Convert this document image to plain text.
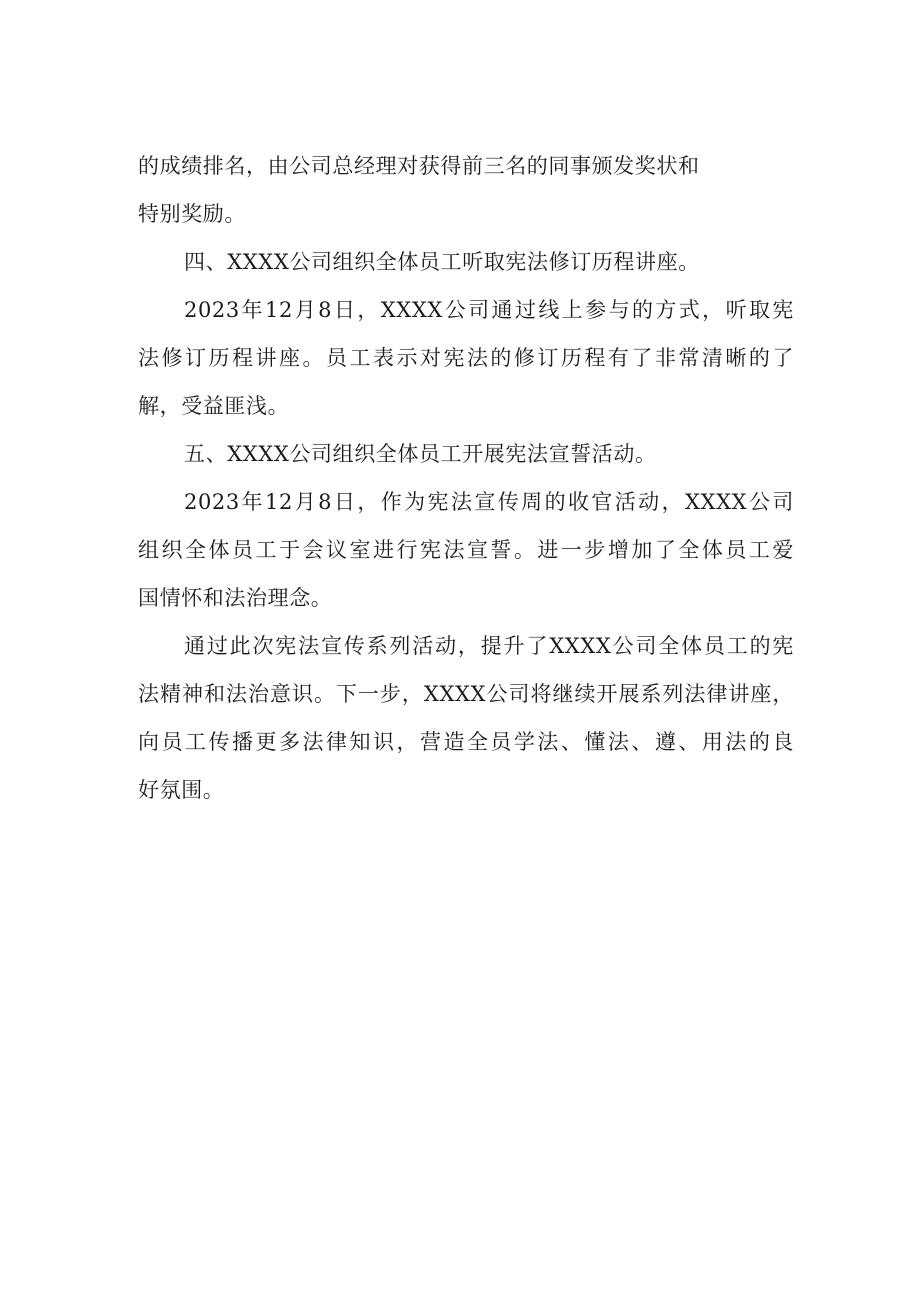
的成绩排名，由公司总经理对获得前三名的同事颁发奖状和
特别奖励。
四、XXXX公司组织全体员工听取宪法修订历程讲座。
2023年12月8日，XXXX公司通过线上参与的方式，听取宪
法修订历程讲座。员工表示对宪法的修订历程有了非常清晰的了
解，受益匪浅。
五、XXXX公司组织全体员工开展宪法宣誓活动。
2023年12月8日，作为宪法宣传周的收官活动，XXXX公司
组织全体员工于会议室进行宪法宣誓。进一步增加了全体员工爱
国情怀和法治理念。
通过此次宪法宣传系列活动，提升了XXXX公司全体员工的宪
法精神和法治意识。下一步，XXXX公司将继续开展系列法律讲座，
向员工传播更多法律知识，营造全员学法、懂法、遵、用法的良
好氛围。
